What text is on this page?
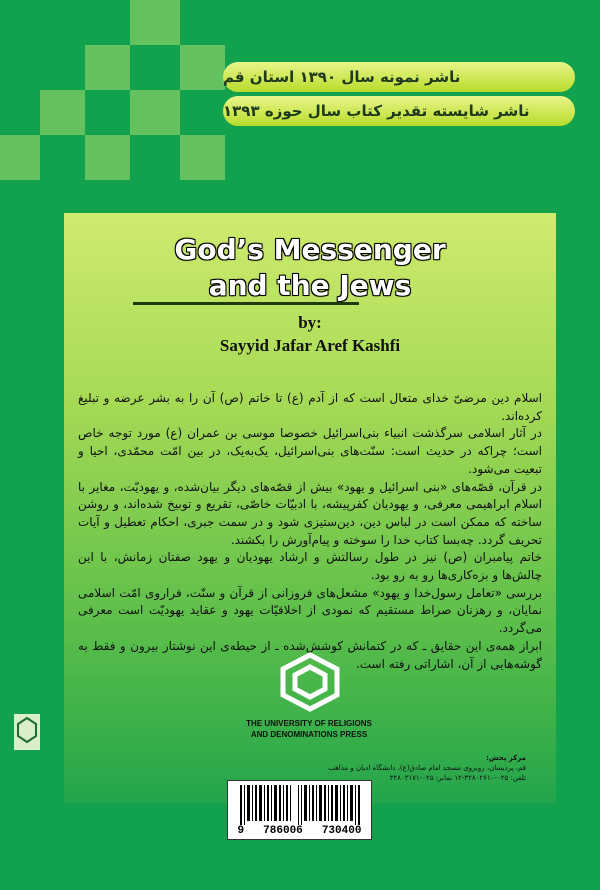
ناشر نمونه سال ۱۳۹۰ استان قم
ناشر شایسته تقدیر کتاب سال حوزه ۱۳۹۳
God’s Messenger
and the Jews
by:
Sayyid Jafar Aref Kashfi

اسلام دین مرضیّ خدای متعال است که از آدم (ع) تا خاتم (ص) آن را به بشر عرضه و تبلیغ کرده‌اند.

در آثار اسلامی سرگذشت انبیاء بنی‌اسرائیل خصوصا موسی بن عمران (ع) مورد توجه خاص است؛ چراکه در حدیث است: سنّت‌های بنی‌اسرائیل، یک‌به‌یک، در بین امّت محمّدی، احیا و تبعیت می‌شود.

در قرآن، قصّه‌های «بنی اسرائیل و یهود» بیش از قصّه‌های دیگر بیان‌شده، و یهودیّت، مغایر با اسلام ابراهیمی معرفی، و یهودیان کفرپیشه، با ادبیّات خاصّی، تقریع و توبیخ شده‌اند، و روشن ساخته که ممکن است در لباس دین، دین‌ستیزی شود و در سمت جبری، احکام تعطیل و آیات تحریف گردد. چه‌بسا کتاب خدا را سوخته و پیام‌آورش را بکشند.

خاتم پیامبران (ص) نیز در طول رسالتش و ارشاد یهودیان و یهود صفتان زمانش، با این چالش‌ها و بزه‌کاری‌ها رو به رو بود.

بررسی «تعامل رسول‌خدا و یهود» مشعل‌های فروزانی از قرآن و سنّت، فراروی امّت اسلامی نمایان، و رهزنان صراط مستقیم که نمودی از اخلاقیّات یهود و عقاید یهودیّت است معرفی می‌گردد.

ابراز همه‌ی این حقایق ـ که در کتمانش کوشش‌شده ـ از حیطه‌ی این نوشتار بیرون و فقط به گوشه‌هایی از آن، اشاراتی رفته است.

THE UNIVERSITY OF RELIGIONS
AND DENOMINATIONS PRESS
مرکز پخش:
قم، پردیسان، روبروی مسجد امام صادق(ع)، دانشگاه ادیان و مذاهب
تلفن: ۰۲۵-۳۲۸۰۲۶۱۰-۱۲ نمابر: ۰۲۵-۳۲۸۰۳۱۷۱
9 786006 730400
